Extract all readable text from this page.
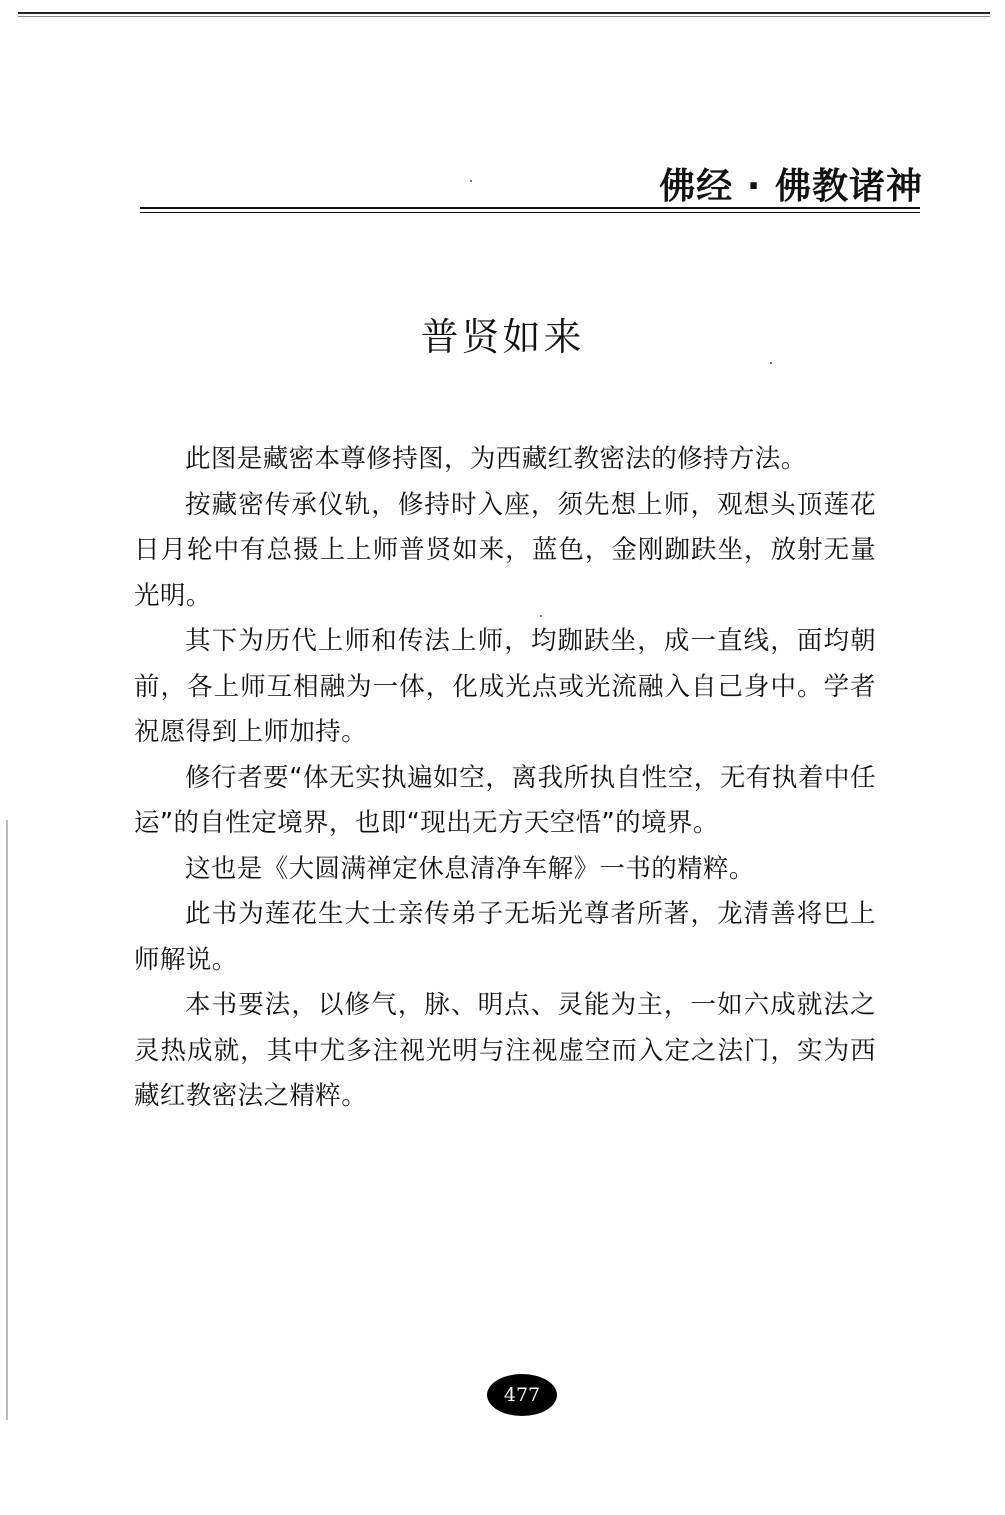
佛经 · 佛教诸神
普贤如来

此图是藏密本尊修持图，为西藏红教密法的修持方法。

按藏密传承仪轨，修持时入座，须先想上师，观想头顶莲花日月轮中有总摄上上师普贤如来，蓝色，金刚跏趺坐，放射无量光明。

其下为历代上师和传法上师，均跏趺坐，成一直线，面均朝前，各上师互相融为一体，化成光点或光流融入自己身中。学者祝愿得到上师加持。

修行者要“体无实执遍如空，离我所执自性空，无有执着中任运”的自性定境界，也即“现出无方天空悟”的境界。

这也是《大圆满禅定休息清净车解》一书的精粹。

此书为莲花生大士亲传弟子无垢光尊者所著，龙清善将巴上师解说。

本书要法，以修气，脉、明点、灵能为主，一如六成就法之灵热成就，其中尤多注视光明与注视虚空而入定之法门，实为西藏红教密法之精粹。

477
